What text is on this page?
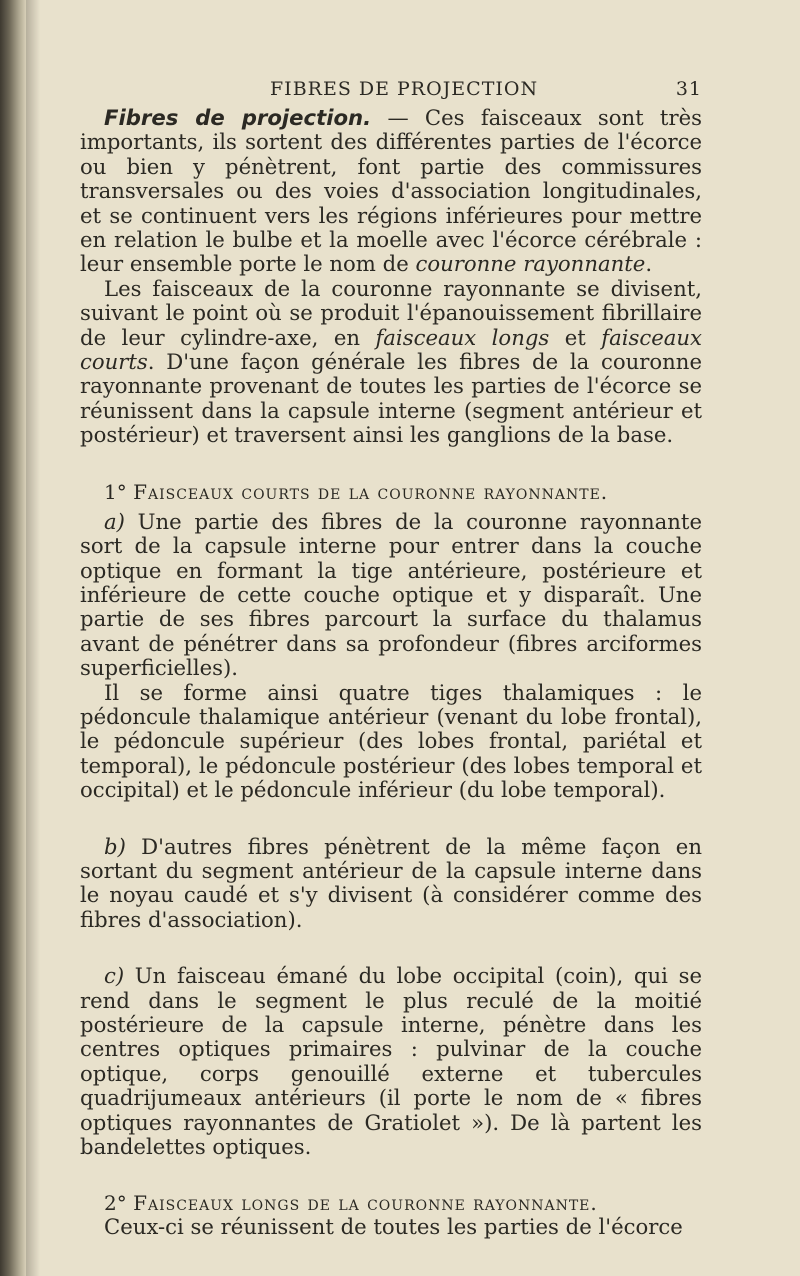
FIBRES DE PROJECTION	31

Fibres de projection. — Ces faisceaux sont très importants, ils sortent des différentes parties de l'écorce ou bien y pénètrent, font partie des commissures transversales ou des voies d'association longitudinales, et se continuent vers les régions inférieures pour mettre en relation le bulbe et la moelle avec l'écorce cérébrale : leur ensemble porte le nom de couronne rayonnante.

Les faisceaux de la couronne rayonnante se divisent, suivant le point où se produit l'épanouissement fibrillaire de leur cylindre-axe, en faisceaux longs et faisceaux courts. D'une façon générale les fibres de la couronne rayonnante provenant de toutes les parties de l'écorce se réunissent dans la capsule interne (segment antérieur et postérieur) et traversent ainsi les ganglions de la base.

1° Faisceaux courts de la couronne rayonnante.

a) Une partie des fibres de la couronne rayonnante sort de la capsule interne pour entrer dans la couche optique en formant la tige antérieure, postérieure et inférieure de cette couche optique et y disparaît. Une partie de ses fibres parcourt la surface du thalamus avant de pénétrer dans sa profondeur (fibres arciformes superficielles).

Il se forme ainsi quatre tiges thalamiques : le pédoncule thalamique antérieur (venant du lobe frontal), le pédoncule supérieur (des lobes frontal, pariétal et temporal), le pédoncule postérieur (des lobes temporal et occipital) et le pédoncule inférieur (du lobe temporal).

b) D'autres fibres pénètrent de la même façon en sortant du segment antérieur de la capsule interne dans le noyau caudé et s'y divisent (à considérer comme des fibres d'association).

c) Un faisceau émané du lobe occipital (coin), qui se rend dans le segment le plus reculé de la moitié postérieure de la capsule interne, pénètre dans les centres optiques primaires : pulvinar de la couche optique, corps genouillé externe et tubercules quadrijumeaux antérieurs (il porte le nom de « fibres optiques rayonnantes de Gratiolet »). De là partent les bandelettes optiques.

2° Faisceaux longs de la couronne rayonnante.

Ceux-ci se réunissent de toutes les parties de l'écorce
